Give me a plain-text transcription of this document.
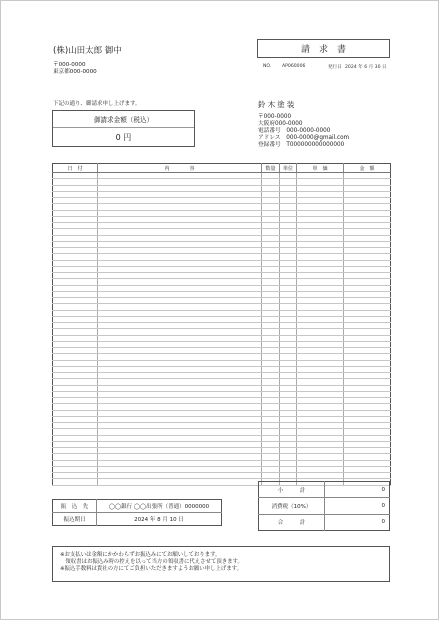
(株)山田太郎 御中
〒000-0000
東京都000-0000
請求書
NO. AP060006	発行日 2024 年 6 月 30 日
下記の通り、御請求申し上げます。
御請求金額（税込）
0 円
鈴木塗装
〒000-0000
大阪府000-0000
電話番号　000-0000-0000
アドレス　000-0000@gmail.com
登録番号　T000000000000000
日　付	内　　　　容	数量	単位	単　価	金　額

振　込　先	◯◯銀行 ◯◯出張所（普通）0000000
振込期日	2024 年 8 月 10 日
小　　　計	0
消費税（10%）	0
合　　　計	0
※お支払いは金額にかかわらずお振込みにてお願いしております。
　領収書はお振込み時の控えを以って当方の領収書に代えさせて頂きます。
※振込手数料は貴社の方にてご負担いただきますようお願い申し上げます。
